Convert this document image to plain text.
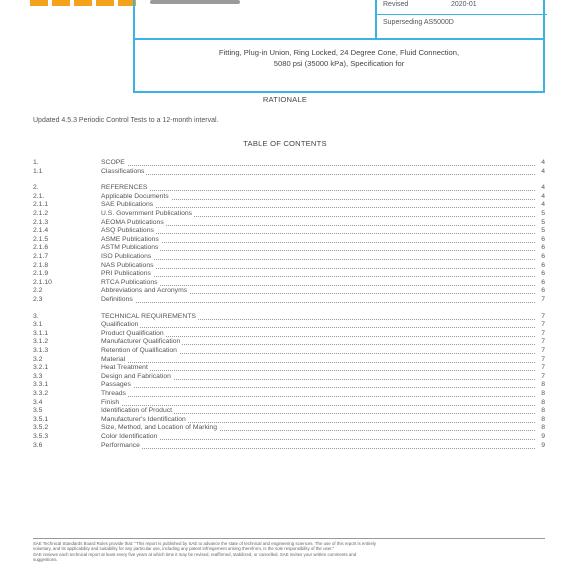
Revised	2020-01
Superseding AS5000D
Fitting, Plug-in Union, Ring Locked, 24 Degree Cone, Fluid Connection,
5080 psi (35000 kPa), Specification for
RATIONALE
Updated 4.5.3 Periodic Control Tests to a 12-month interval.
TABLE OF CONTENTS
1.	SCOPE	4
1.1	Classifications	4
2.	REFERENCES	4
2.1.	Applicable Documents	4
2.1.1	SAE Publications	4
2.1.2	U.S. Government Publications	5
2.1.3	AEOMA Publications	5
2.1.4	ASQ Publications	5
2.1.5	ASME Publications	6
2.1.6	ASTM Publications	6
2.1.7	ISO Publications	6
2.1.8	NAS Publications	6
2.1.9	PRI Publications	6
2.1.10	RTCA Publications	6
2.2	Abbreviations and Acronyms	6
2.3	Definitions	7
3.	TECHNICAL REQUIREMENTS	7
3.1	Qualification	7
3.1.1	Product Qualification	7
3.1.2	Manufacturer Qualification	7
3.1.3	Retention of Qualification	7
3.2	Material	7
3.2.1	Heat Treatment	7
3.3	Design and Fabrication	7
3.3.1	Passages	8
3.3.2	Threads	8
3.4	Finish	8
3.5	Identification of Product	8
3.5.1	Manufacturer's Identification	8
3.5.2	Size, Method, and Location of Marking	8
3.5.3	Color Identification	9
3.6	Performance	9
SAE Technical Standards Board Rules provide that: "This report is published by SAE to advance the state of technical and engineering sciences. The use of this report is entirely
voluntary, and its applicability and suitability for any particular use, including any patent infringement arising therefrom, is the sole responsibility of the user."
SAE reviews each technical report at least every five years at which time it may be revised, reaffirmed, stabilized, or cancelled. SAE invites your written comments and
suggestions.
